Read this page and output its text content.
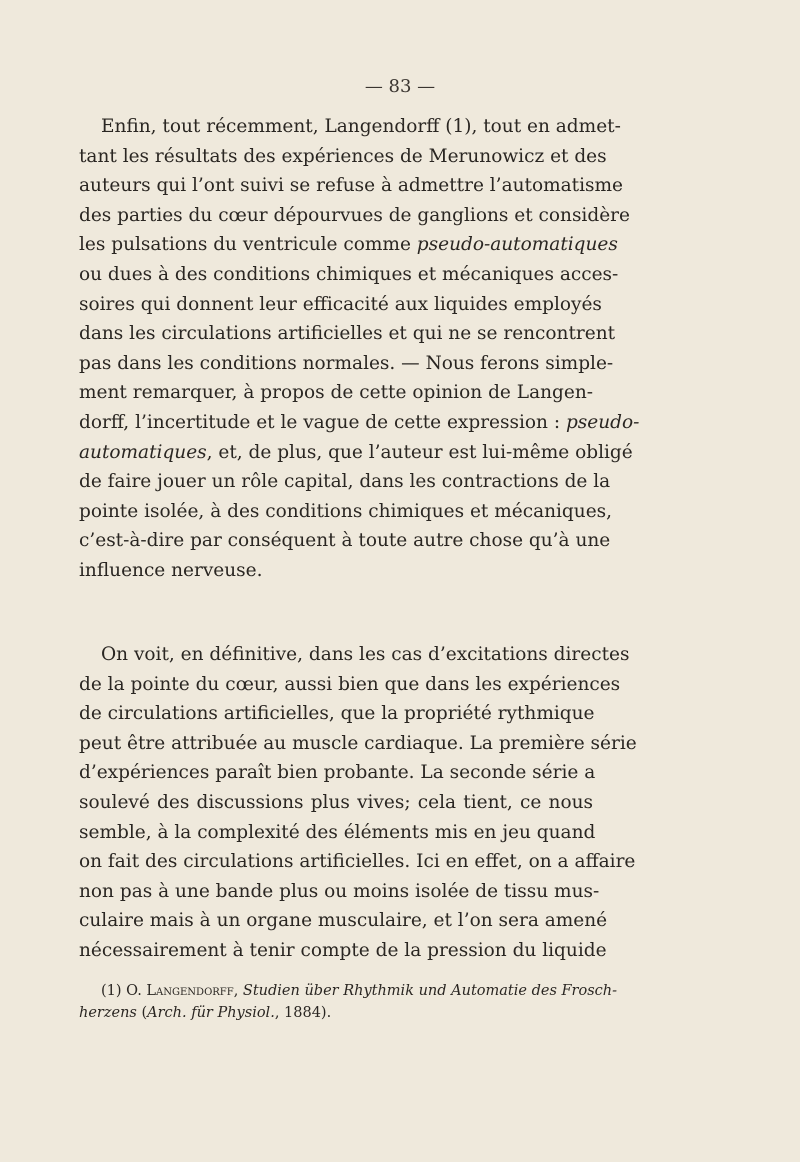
— 83 —
Enfin, tout récemment, Langendorff (1), tout en admet-
tant les résultats des expériences de Merunowicz et des
auteurs qui l’ont suivi se refuse à admettre l’automatisme
des parties du cœur dépourvues de ganglions et considère
les pulsations du ventricule comme pseudo-automatiques
ou dues à des conditions chimiques et mécaniques acces-
soires qui donnent leur efficacité aux liquides employés
dans les circulations artificielles et qui ne se rencontrent
pas dans les conditions normales. — Nous ferons simple-
ment remarquer, à propos de cette opinion de Langen-
dorff, l’incertitude et le vague de cette expression : pseudo-
automatiques, et, de plus, que l’auteur est lui-même obligé
de faire jouer un rôle capital, dans les contractions de la
pointe isolée, à des conditions chimiques et mécaniques,
c’est-à-dire par conséquent à toute autre chose qu’à une
influence nerveuse.
On voit, en définitive, dans les cas d’excitations directes
de la pointe du cœur, aussi bien que dans les expériences
de circulations artificielles, que la propriété rythmique
peut être attribuée au muscle cardiaque. La première série
d’expériences paraît bien probante. La seconde série a
soulevé des discussions plus vives; cela tient, ce nous
semble, à la complexité des éléments mis en jeu quand
on fait des circulations artificielles. Ici en effet, on a affaire
non pas à une bande plus ou moins isolée de tissu mus-
culaire mais à un organe musculaire, et l’on sera amené
nécessairement à tenir compte de la pression du liquide
(1) O. Langendorff, Studien über Rhythmik und Automatie des Frosch-
herzens (Arch. für Physiol., 1884).
